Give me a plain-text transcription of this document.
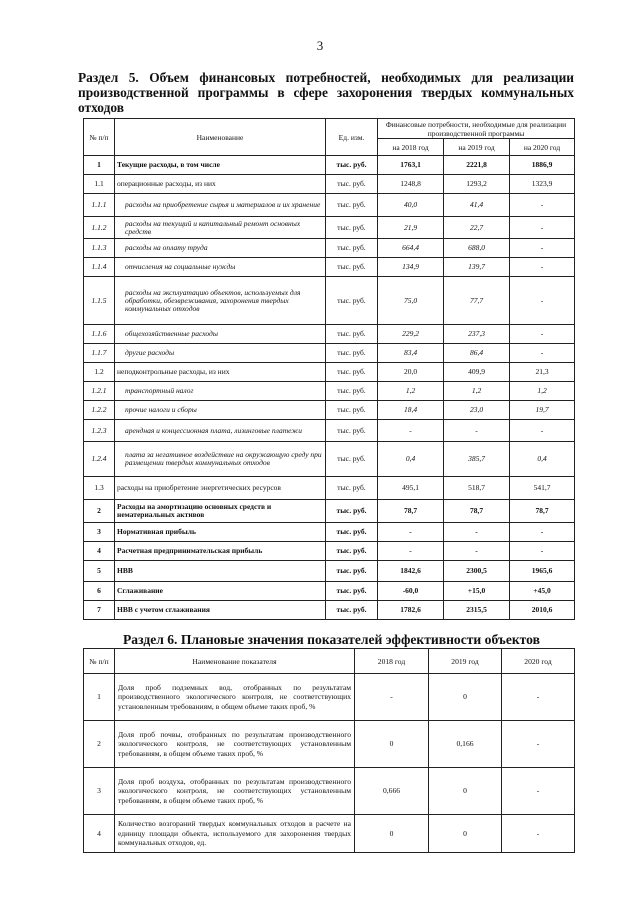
3
Раздел 5. Объем финансовых потребностей, необходимых для реализации производственной программы в сфере захоронения твердых коммунальных отходов
№ п/п	Наименование	Ед. изм.	Финансовые потребности, необходимые для реализации производственной программы		
			на 2018 год	на 2019 год	на 2020 год
1	Текущие расходы, в том числе	тыс. руб.	1763,1	2221,8	1886,9
1.1	операционные расходы, из них	тыс. руб.	1248,8	1293,2	1323,9
1.1.1	расходы на приобретение сырья и материалов и их хранение	тыс. руб.	40,0	41,4	-
1.1.2	расходы на текущий и капитальный ремонт основных средств	тыс. руб.	21,9	22,7	-
1.1.3	расходы на оплату труда	тыс. руб.	664,4	688,0	-
1.1.4	отчисления на социальные нужды	тыс. руб.	134,9	139,7	-
1.1.5	расходы на эксплуатацию объектов, используемых для обработки, обезвреживания, захоронения твердых коммунальных отходов	тыс. руб.	75,0	77,7	-
1.1.6	общехозяйственные расходы	тыс. руб.	229,2	237,3	-
1.1.7	другие расходы	тыс. руб.	83,4	86,4	-
1.2	неподконтрольные расходы, из них	тыс. руб.	20,0	409,9	21,3
1.2.1	транспортный налог	тыс. руб.	1,2	1,2	1,2
1.2.2	прочие налоги и сборы	тыс. руб.	18,4	23,0	19,7
1.2.3	арендная и концессионная плата, лизинговые платежи	тыс. руб.	-	-	-
1.2.4	плата за негативное воздействие на окружающую среду при размещении твердых коммунальных отходов	тыс. руб.	0,4	385,7	0,4
1.3	расходы на приобретение энергетических ресурсов	тыс. руб.	495,1	518,7	541,7
2	Расходы на амортизацию основных средств и нематериальных активов	тыс. руб.	78,7	78,7	78,7
3	Нормативная прибыль	тыс. руб.	-	-	-
4	Расчетная предпринимательская прибыль	тыс. руб.	-	-	-
5	НВВ	тыс. руб.	1842,6	2300,5	1965,6
6	Сглаживание	тыс. руб.	-60,0	+15,0	+45,0
7	НВВ с учетом сглаживания	тыс. руб.	1782,6	2315,5	2010,6
Раздел 6. Плановые значения показателей эффективности объектов
№ п/п	Наименование показателя	2018 год	2019 год	2020 год
1	Доля проб подземных вод, отобранных по результатам производственного экологического контроля, не соответствующих установленным требованиям, в общем объеме таких проб, %	-	0	-
2	Доля проб почвы, отобранных по результатам производственного экологического контроля, не соответствующих установленным требованиям, в общем объеме таких проб, %	0	0,166	-
3	Доля проб воздуха, отобранных по результатам производственного экологического контроля, не соответствующих установленным требованиям, в общем объеме таких проб, %	0,666	0	-
4	Количество возгораний твердых коммунальных отходов в расчете на единицу площади объекта, используемого для захоронения твердых коммунальных отходов, ед.	0	0	-
